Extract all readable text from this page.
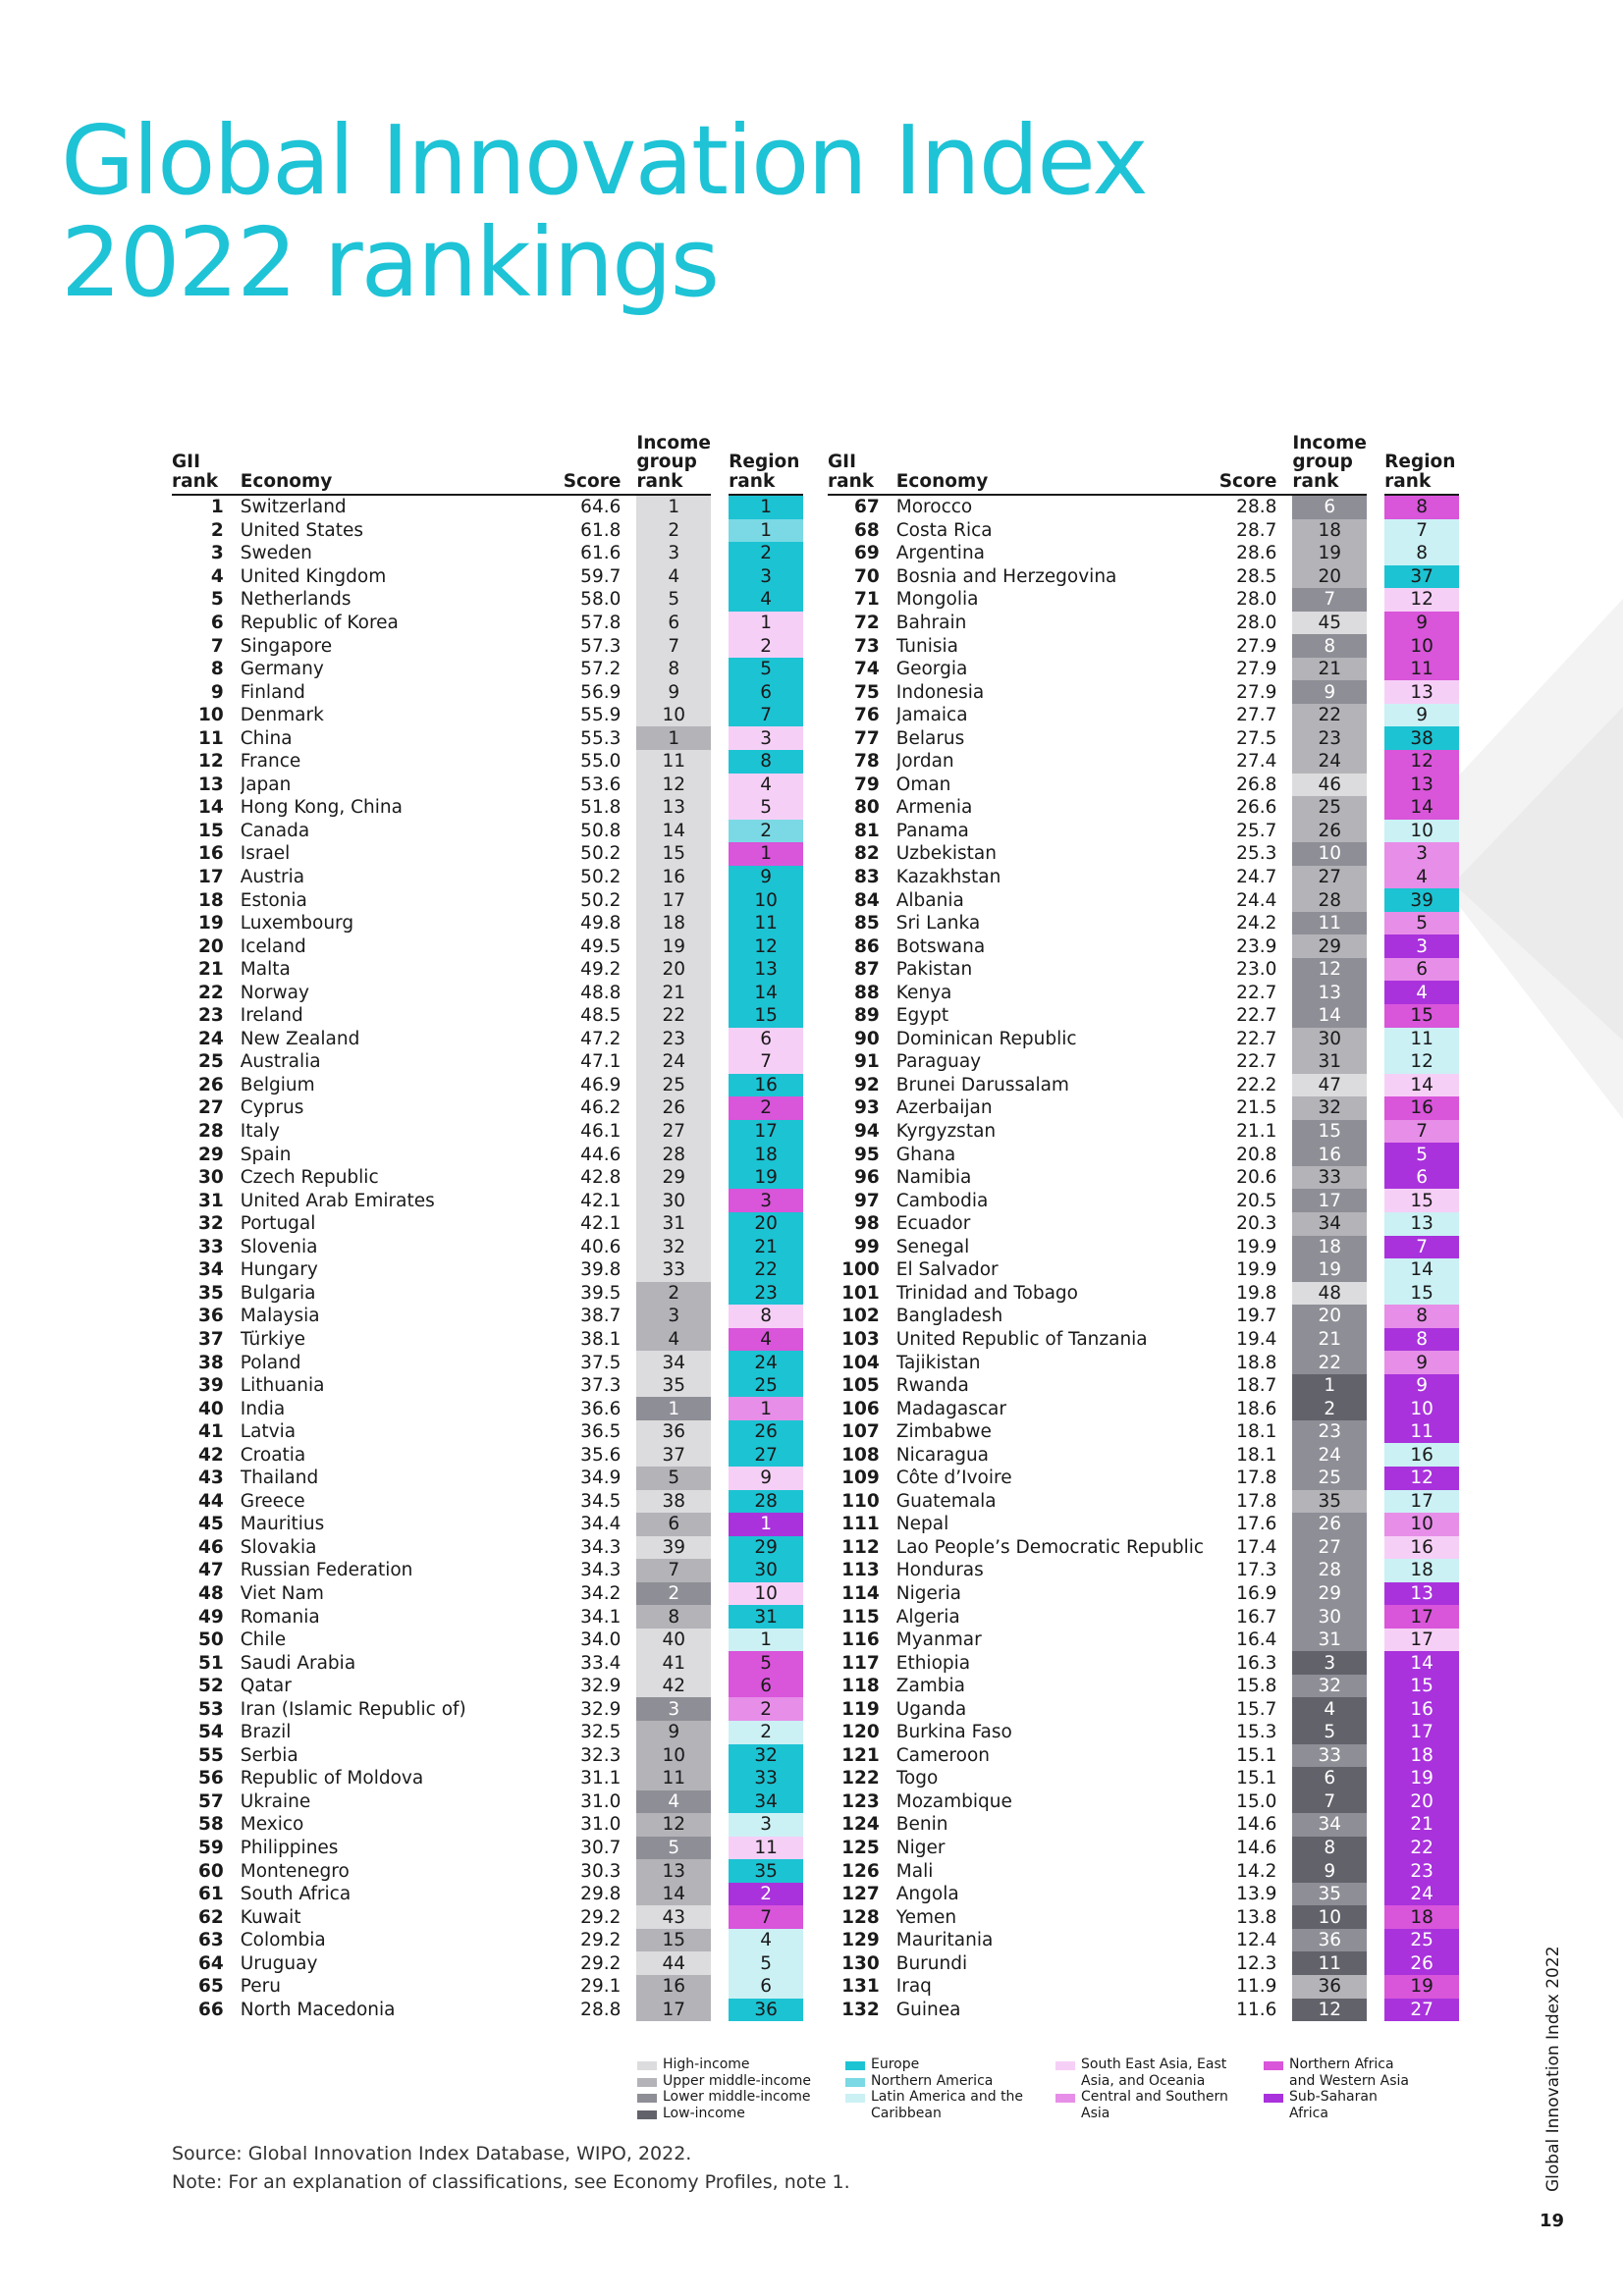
Global Innovation Index
2022 rankings
GII
rank	Economy	Score	Income
group
rank	Region
rank
1	Switzerland	64.6	1	1
2	United States	61.8	2	1
3	Sweden	61.6	3	2
4	United Kingdom	59.7	4	3
5	Netherlands	58.0	5	4
6	Republic of Korea	57.8	6	1
7	Singapore	57.3	7	2
8	Germany	57.2	8	5
9	Finland	56.9	9	6
10	Denmark	55.9	10	7
11	China	55.3	1	3
12	France	55.0	11	8
13	Japan	53.6	12	4
14	Hong Kong, China	51.8	13	5
15	Canada	50.8	14	2
16	Israel	50.2	15	1
17	Austria	50.2	16	9
18	Estonia	50.2	17	10
19	Luxembourg	49.8	18	11
20	Iceland	49.5	19	12
21	Malta	49.2	20	13
22	Norway	48.8	21	14
23	Ireland	48.5	22	15
24	New Zealand	47.2	23	6
25	Australia	47.1	24	7
26	Belgium	46.9	25	16
27	Cyprus	46.2	26	2
28	Italy	46.1	27	17
29	Spain	44.6	28	18
30	Czech Republic	42.8	29	19
31	United Arab Emirates	42.1	30	3
32	Portugal	42.1	31	20
33	Slovenia	40.6	32	21
34	Hungary	39.8	33	22
35	Bulgaria	39.5	2	23
36	Malaysia	38.7	3	8
37	Türkiye	38.1	4	4
38	Poland	37.5	34	24
39	Lithuania	37.3	35	25
40	India	36.6	1	1
41	Latvia	36.5	36	26
42	Croatia	35.6	37	27
43	Thailand	34.9	5	9
44	Greece	34.5	38	28
45	Mauritius	34.4	6	1
46	Slovakia	34.3	39	29
47	Russian Federation	34.3	7	30
48	Viet Nam	34.2	2	10
49	Romania	34.1	8	31
50	Chile	34.0	40	1
51	Saudi Arabia	33.4	41	5
52	Qatar	32.9	42	6
53	Iran (Islamic Republic of)	32.9	3	2
54	Brazil	32.5	9	2
55	Serbia	32.3	10	32
56	Republic of Moldova	31.1	11	33
57	Ukraine	31.0	4	34
58	Mexico	31.0	12	3
59	Philippines	30.7	5	11
60	Montenegro	30.3	13	35
61	South Africa	29.8	14	2
62	Kuwait	29.2	43	7
63	Colombia	29.2	15	4
64	Uruguay	29.2	44	5
65	Peru	29.1	16	6
66	North Macedonia	28.8	17	36
GII
rank	Economy	Score	Income
group
rank	Region
rank
67	Morocco	28.8	6	8
68	Costa Rica	28.7	18	7
69	Argentina	28.6	19	8
70	Bosnia and Herzegovina	28.5	20	37
71	Mongolia	28.0	7	12
72	Bahrain	28.0	45	9
73	Tunisia	27.9	8	10
74	Georgia	27.9	21	11
75	Indonesia	27.9	9	13
76	Jamaica	27.7	22	9
77	Belarus	27.5	23	38
78	Jordan	27.4	24	12
79	Oman	26.8	46	13
80	Armenia	26.6	25	14
81	Panama	25.7	26	10
82	Uzbekistan	25.3	10	3
83	Kazakhstan	24.7	27	4
84	Albania	24.4	28	39
85	Sri Lanka	24.2	11	5
86	Botswana	23.9	29	3
87	Pakistan	23.0	12	6
88	Kenya	22.7	13	4
89	Egypt	22.7	14	15
90	Dominican Republic	22.7	30	11
91	Paraguay	22.7	31	12
92	Brunei Darussalam	22.2	47	14
93	Azerbaijan	21.5	32	16
94	Kyrgyzstan	21.1	15	7
95	Ghana	20.8	16	5
96	Namibia	20.6	33	6
97	Cambodia	20.5	17	15
98	Ecuador	20.3	34	13
99	Senegal	19.9	18	7
100	El Salvador	19.9	19	14
101	Trinidad and Tobago	19.8	48	15
102	Bangladesh	19.7	20	8
103	United Republic of Tanzania	19.4	21	8
104	Tajikistan	18.8	22	9
105	Rwanda	18.7	1	9
106	Madagascar	18.6	2	10
107	Zimbabwe	18.1	23	11
108	Nicaragua	18.1	24	16
109	Côte d’Ivoire	17.8	25	12
110	Guatemala	17.8	35	17
111	Nepal	17.6	26	10
112	Lao People’s Democratic Republic	17.4	27	16
113	Honduras	17.3	28	18
114	Nigeria	16.9	29	13
115	Algeria	16.7	30	17
116	Myanmar	16.4	31	17
117	Ethiopia	16.3	3	14
118	Zambia	15.8	32	15
119	Uganda	15.7	4	16
120	Burkina Faso	15.3	5	17
121	Cameroon	15.1	33	18
122	Togo	15.1	6	19
123	Mozambique	15.0	7	20
124	Benin	14.6	34	21
125	Niger	14.6	8	22
126	Mali	14.2	9	23
127	Angola	13.9	35	24
128	Yemen	13.8	10	18
129	Mauritania	12.4	36	25
130	Burundi	12.3	11	26
131	Iraq	11.9	36	19
132	Guinea	11.6	12	27
High-income
Upper middle-income
Lower middle-income
Low-income
Europe
Northern America
Latin America and the Caribbean
South East Asia, East Asia, and Oceania
Central and Southern Asia
Northern Africa and Western Asia
Sub-Saharan Africa
Source: Global Innovation Index Database, WIPO, 2022.
Note: For an explanation of classifications, see Economy Profiles, note 1.	Global Innovation Index 2022
19
